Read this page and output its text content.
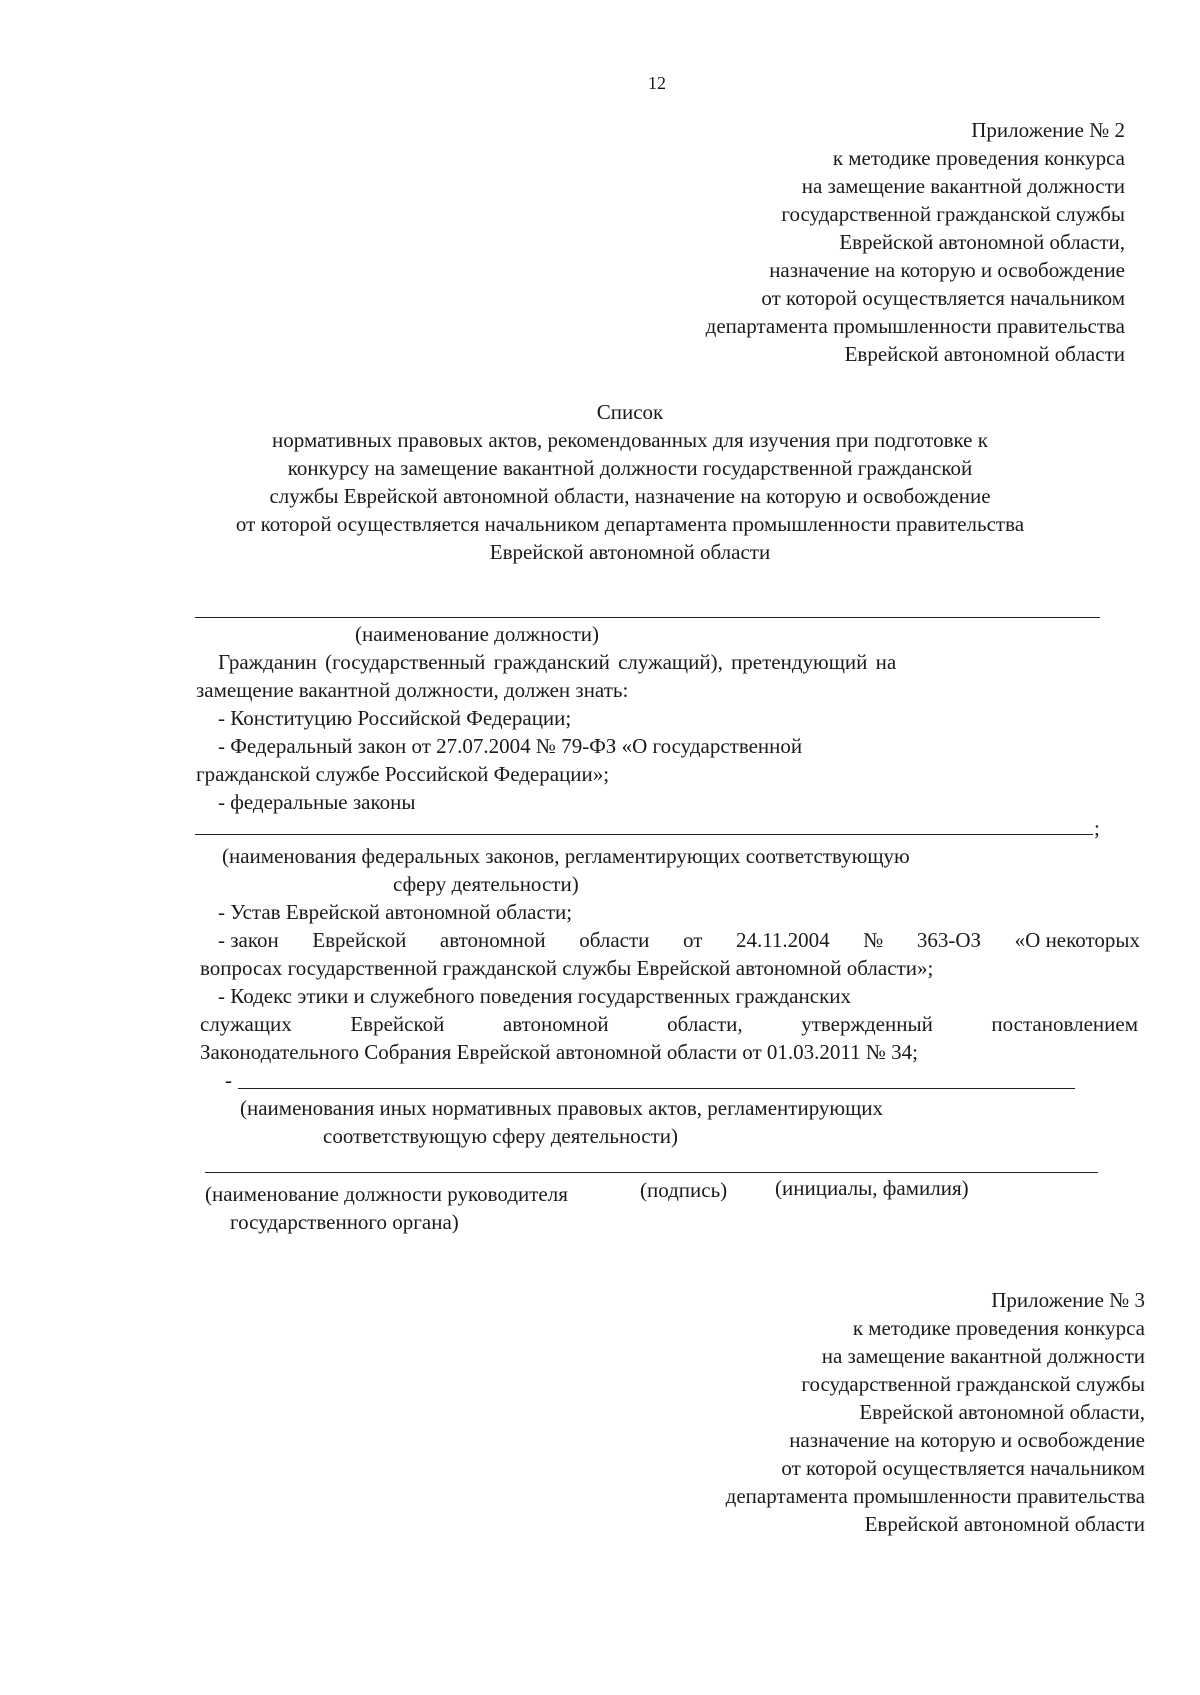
12
Приложение № 2
к методике проведения конкурса
на замещение вакантной должности
государственной гражданской службы
Еврейской автономной области,
назначение на которую и освобождение
от которой осуществляется начальником
департамента промышленности правительства
Еврейской автономной области
Список
нормативных правовых актов, рекомендованных для изучения при подготовке к
конкурсу на замещение вакантной должности государственной гражданской
службы Еврейской автономной области, назначение на которую и освобождение
от которой осуществляется начальником департамента промышленности правительства
Еврейской автономной области
(наименование должности)
Гражданин (государственный гражданский служащий), претендующий на
замещение вакантной должности, должен знать:
- Конституцию Российской Федерации;
- Федеральный закон от 27.07.2004 № 79-ФЗ «О государственной
гражданской службе Российской Федерации»;
- федеральные законы
;
(наименования федеральных законов, регламентирующих соответствующую
сферу деятельности)
- Устав Еврейской автономной области;
- закон Еврейской автономной области от 24.11.2004 № 363-ОЗ «О некоторых
вопросах государственной гражданской службы Еврейской автономной области»;
- Кодекс этики и служебного поведения государственных гражданских
служащих	Еврейской	автономной	области,	утвержденный	постановлением
Законодательного Собрания Еврейской автономной области от 01.03.2011 № 34;
-
(наименования иных нормативных правовых актов, регламентирующих
соответствующую сферу деятельности)
(наименование должности руководителя	(подпись) (инициалы, фамилия)
государственного органа)
Приложение № 3
к методике проведения конкурса
на замещение вакантной должности
государственной гражданской службы
Еврейской автономной области,
назначение на которую и освобождение
от которой осуществляется начальником
департамента промышленности правительства
Еврейской автономной области
